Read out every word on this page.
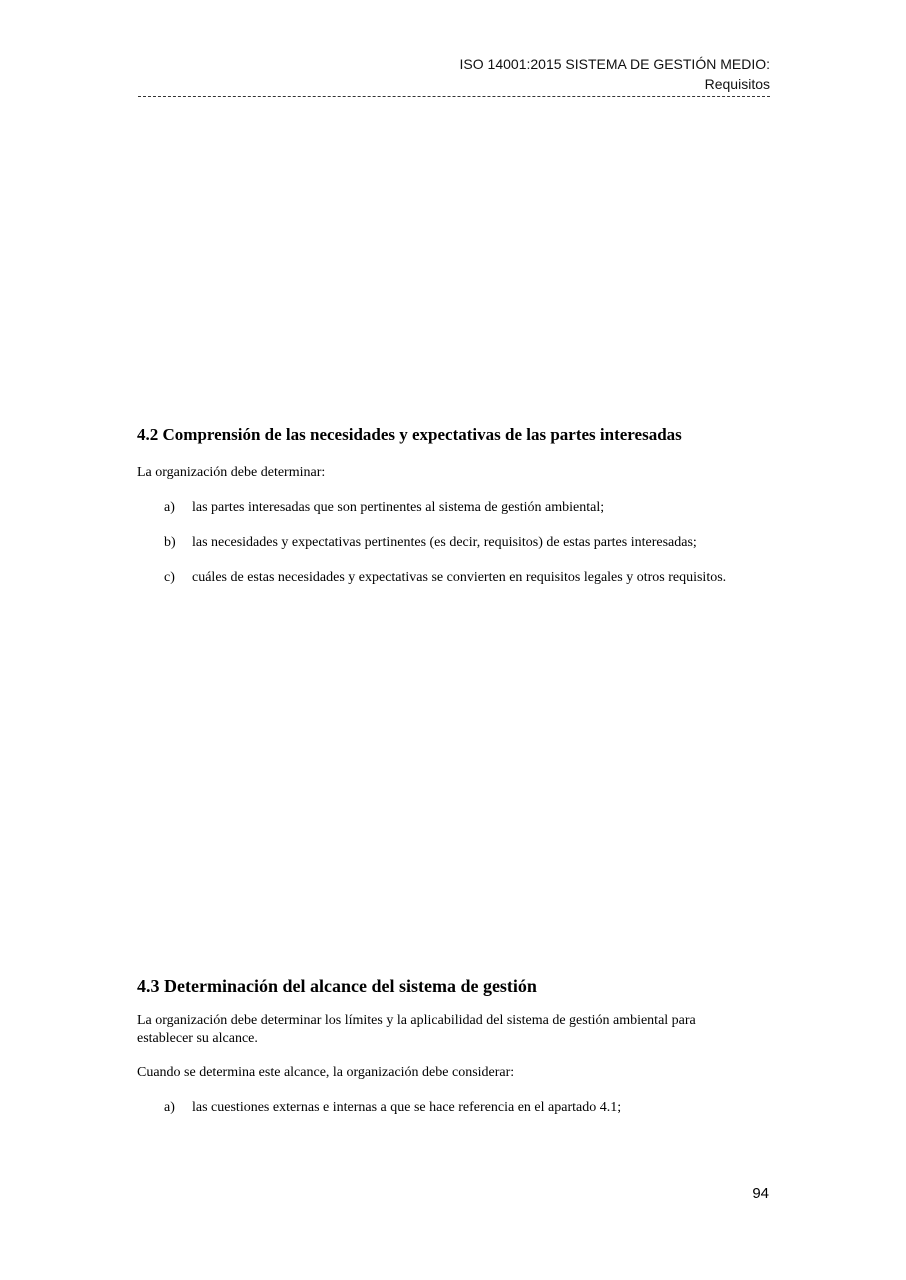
ISO 14001:2015 SISTEMA DE GESTIÓN MEDIO:
Requisitos
4.2 Comprensión de las necesidades y expectativas de las partes interesadas

La organización debe determinar:

a) las partes interesadas que son pertinentes al sistema de gestión ambiental;
b) las necesidades y expectativas pertinentes (es decir, requisitos) de estas partes interesadas;
c) cuáles de estas necesidades y expectativas se convierten en requisitos legales y otros requisitos.
4.3 Determinación del alcance del sistema de gestión

La organización debe determinar los límites y la aplicabilidad del sistema de gestión ambiental para

establecer su alcance.

Cuando se determina este alcance, la organización debe considerar:

a) las cuestiones externas e internas a que se hace referencia en el apartado 4.1;
94
